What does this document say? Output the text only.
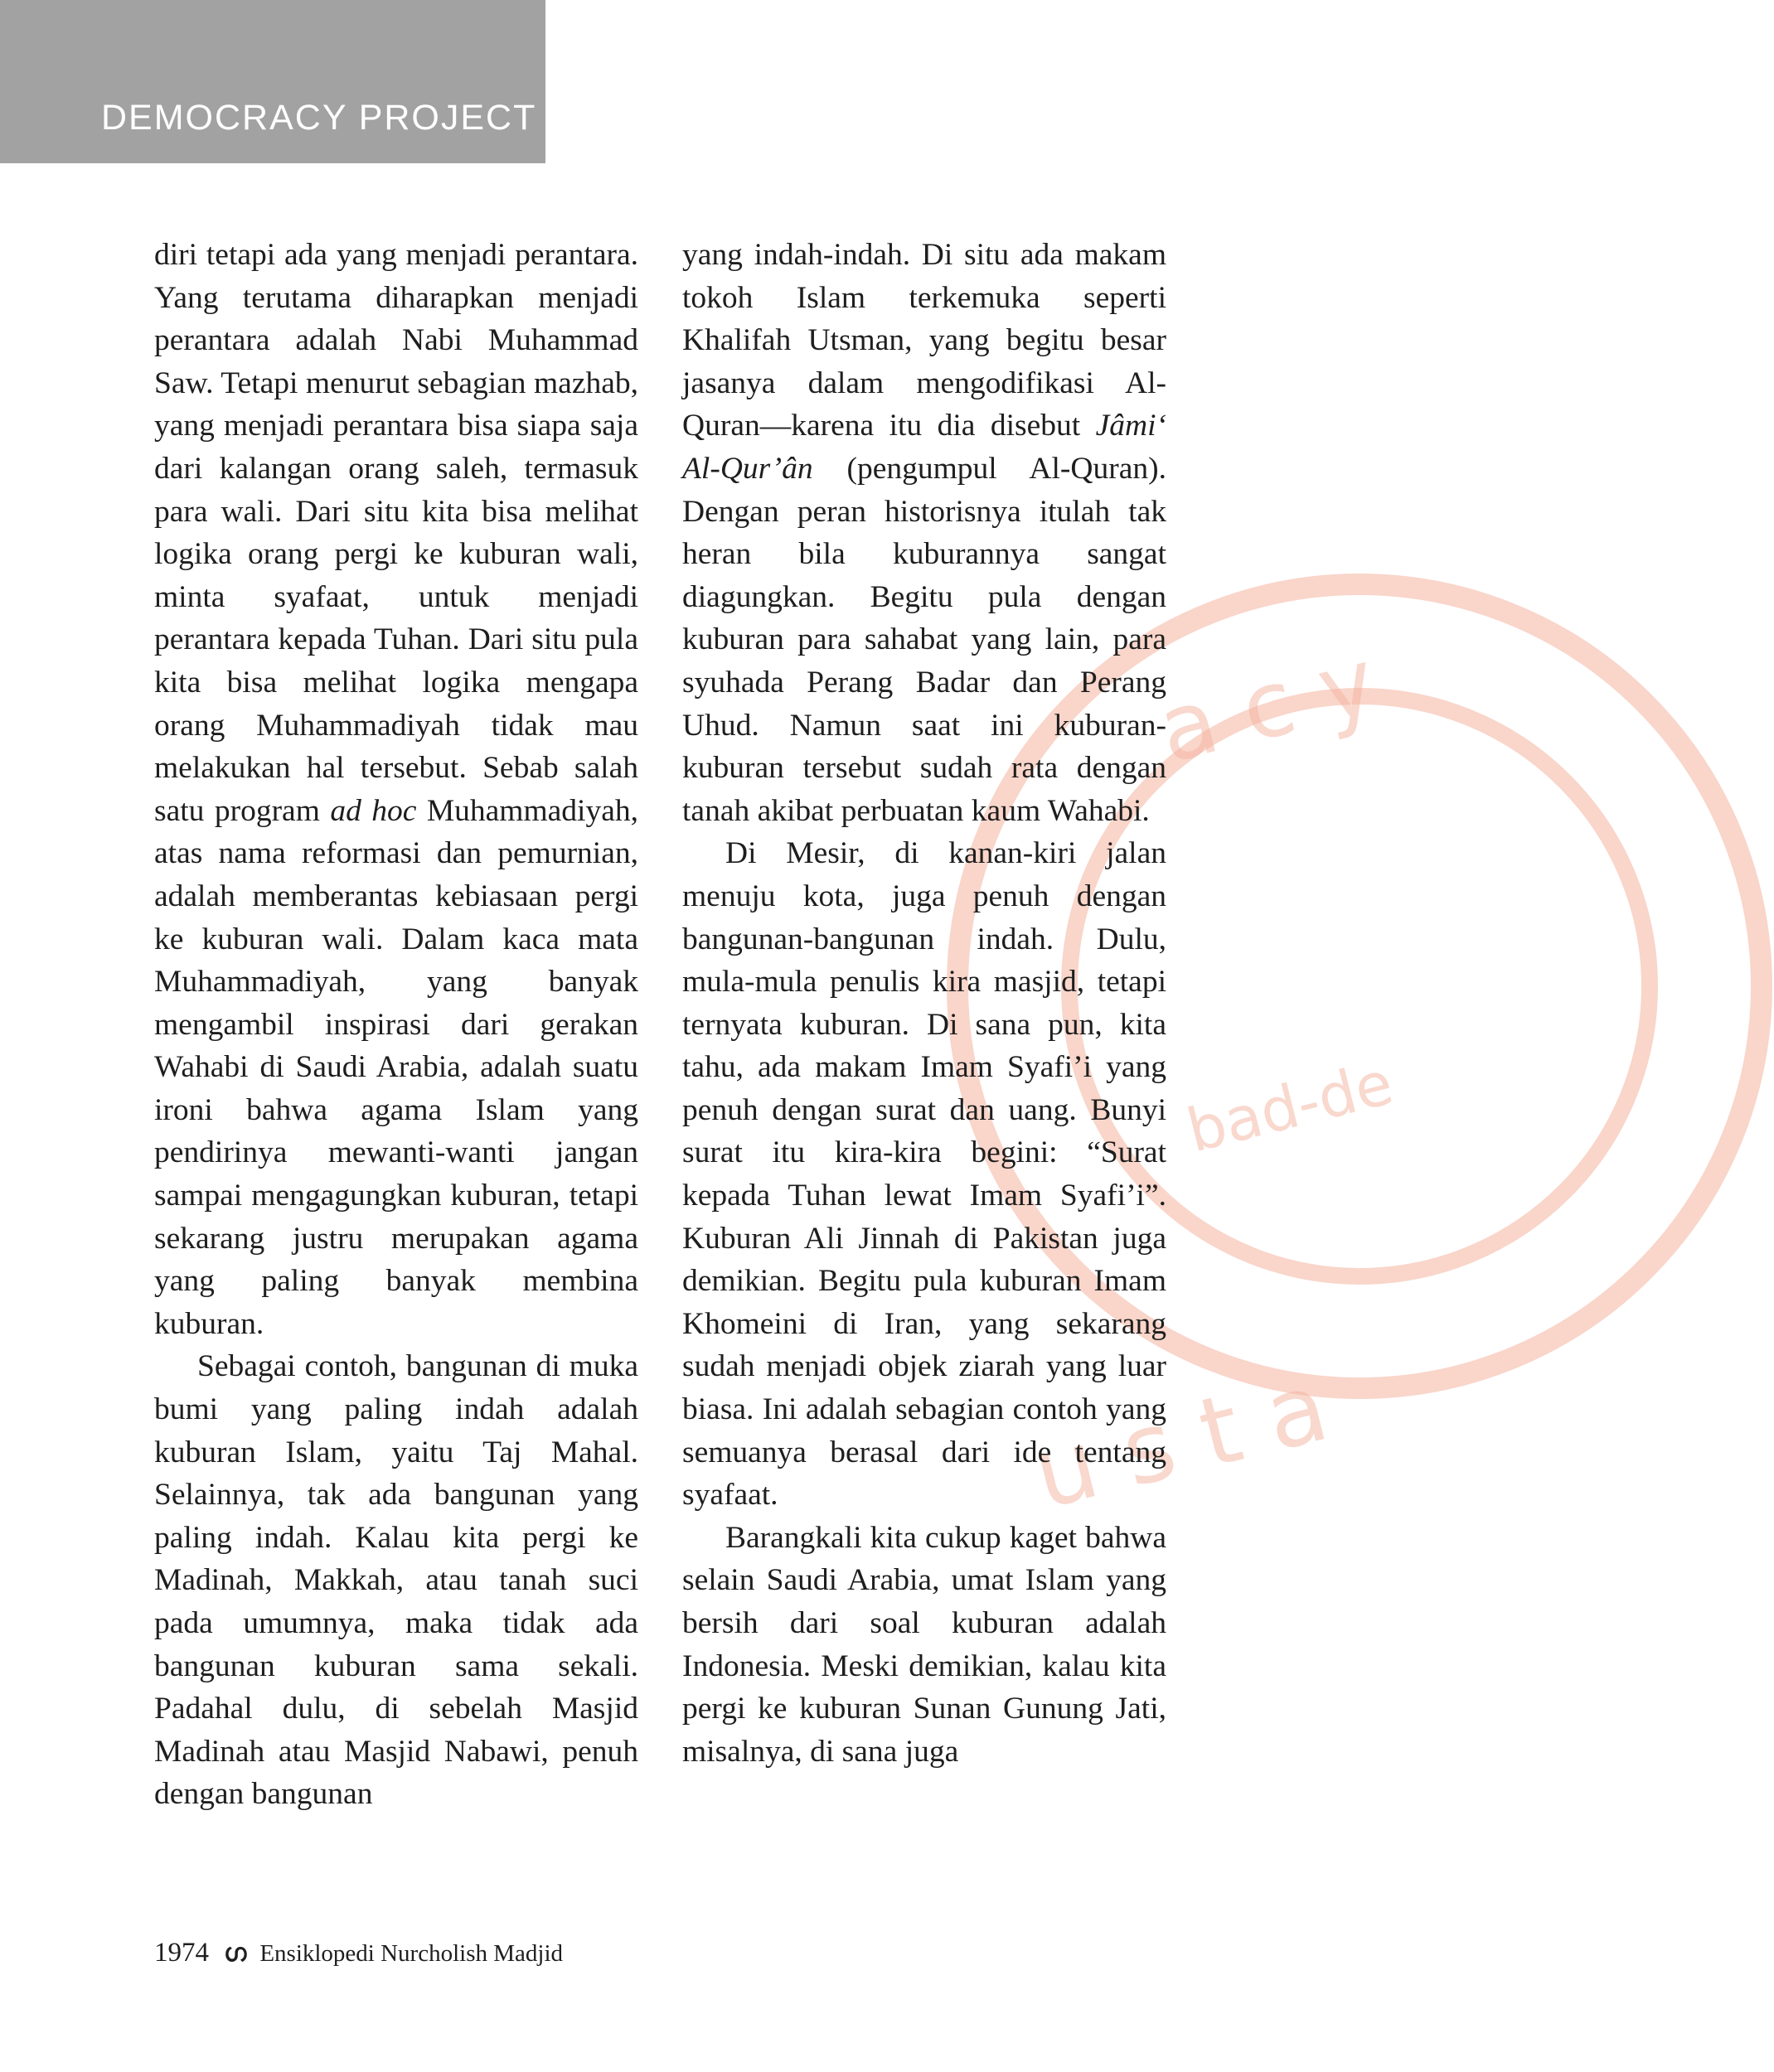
DEMOCRACY PROJECT
a c y
bad-de
u s t a

diri tetapi ada yang menjadi perantara. Yang terutama diharapkan menjadi perantara adalah Nabi Muhammad Saw. Tetapi menurut sebagian mazhab, yang menjadi perantara bisa siapa saja dari kalangan orang saleh, termasuk para wali. Dari situ kita bisa melihat logika orang pergi ke kuburan wali, minta syafaat, untuk menjadi perantara kepada Tuhan. Dari situ pula kita bisa melihat logika mengapa orang Muhammadiyah tidak mau melakukan hal tersebut. Sebab salah satu program ad hoc Muhammadiyah, atas nama reformasi dan pemurnian, adalah memberantas kebiasaan pergi ke kuburan wali. Dalam kaca mata Muhammadiyah, yang banyak mengambil inspirasi dari gerakan Wahabi di Saudi Arabia, adalah suatu ironi bahwa agama Islam yang pendirinya mewanti-wanti jangan sampai mengagungkan kuburan, tetapi sekarang justru merupakan agama yang paling banyak membina kuburan.

Sebagai contoh, bangunan di muka bumi yang paling indah adalah kuburan Islam, yaitu Taj Mahal. Selainnya, tak ada bangunan yang paling indah. Kalau kita pergi ke Madinah, Makkah, atau tanah suci pada umumnya, maka tidak ada bangunan kuburan sama sekali. Padahal dulu, di sebelah Masjid Madinah atau Masjid Nabawi, penuh dengan bangunan

yang indah-indah. Di situ ada makam tokoh Islam terkemuka seperti Khalifah Utsman, yang begitu besar jasanya dalam mengodifikasi Al-Quran—karena itu dia disebut Jâmi‘ Al-Qur’ân (pengumpul Al-Quran). Dengan peran historisnya itulah tak heran bila kuburannya sangat diagungkan. Begitu pula dengan kuburan para sahabat yang lain, para syuhada Perang Badar dan Perang Uhud. Namun saat ini kuburan-kuburan tersebut sudah rata dengan tanah akibat perbuatan kaum Wahabi.

Di Mesir, di kanan-kiri jalan menuju kota, juga penuh dengan bangunan-bangunan indah. Dulu, mula-mula penulis kira masjid, tetapi ternyata kuburan. Di sana pun, kita tahu, ada makam Imam Syafi’i yang penuh dengan surat dan uang. Bunyi surat itu kira-kira begini: “Surat kepada Tuhan lewat Imam Syafi’i”. Kuburan Ali Jinnah di Pakistan juga demikian. Begitu pula kuburan Imam Khomeini di Iran, yang sekarang sudah menjadi objek ziarah yang luar biasa. Ini adalah sebagian contoh yang semuanya berasal dari ide tentang syafaat.

Barangkali kita cukup kaget bahwa selain Saudi Arabia, umat Islam yang bersih dari soal kuburan adalah Indonesia. Meski demikian, kalau kita pergi ke kuburan Sunan Gunung Jati, misalnya, di sana juga

1974 ഗ Ensiklopedi Nurcholish Madjid
